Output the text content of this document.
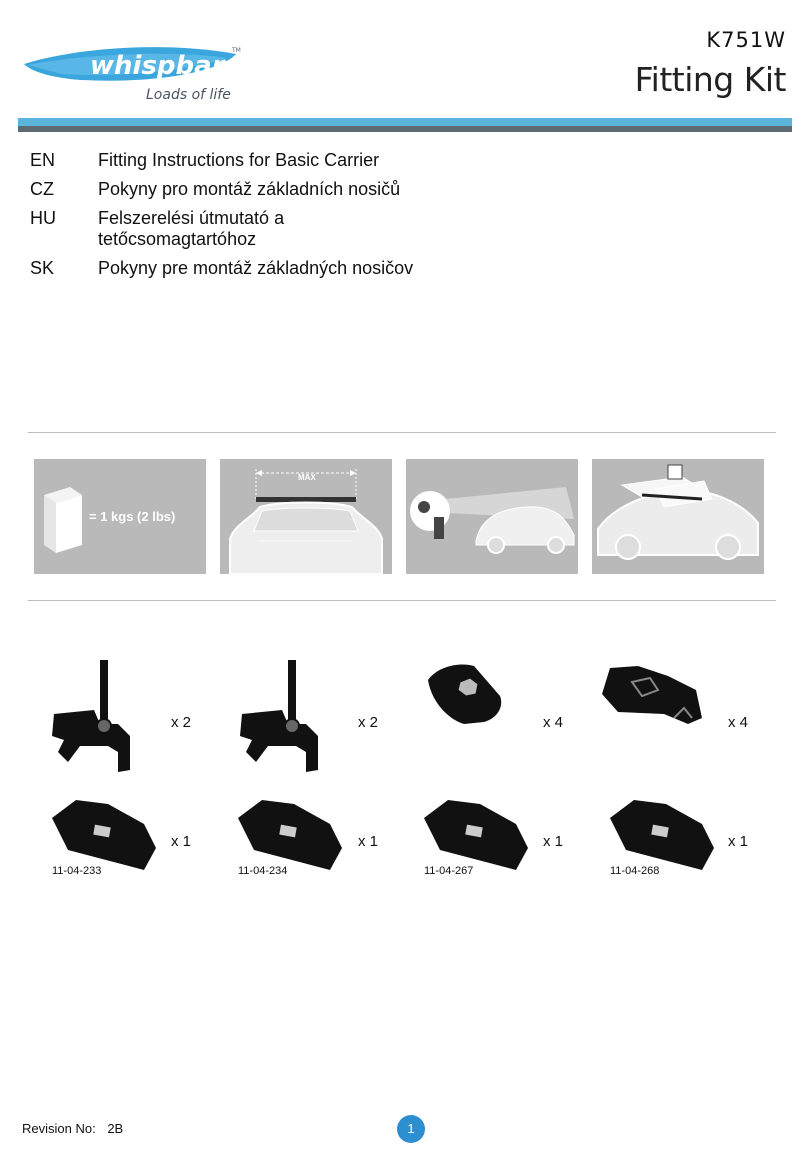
whispbar
TM
Loads of life
K751W
Fitting Kit
EN	Fitting Instructions for Basic Carrier
CZ	Pokyny pro montáž základních nosičů
HU	Felszerelési útmutató a tetőcsomagtartóhoz
SK	Pokyny pre montáž základných nosičov
= 1 kgs (2 lbs)
MAX
x 2	x 2	x 4	x 4
x 1
11-04-233
x 1
11-04-234
x 1
11-04-267
x 1
11-04-268
Revision No: 2B	1
